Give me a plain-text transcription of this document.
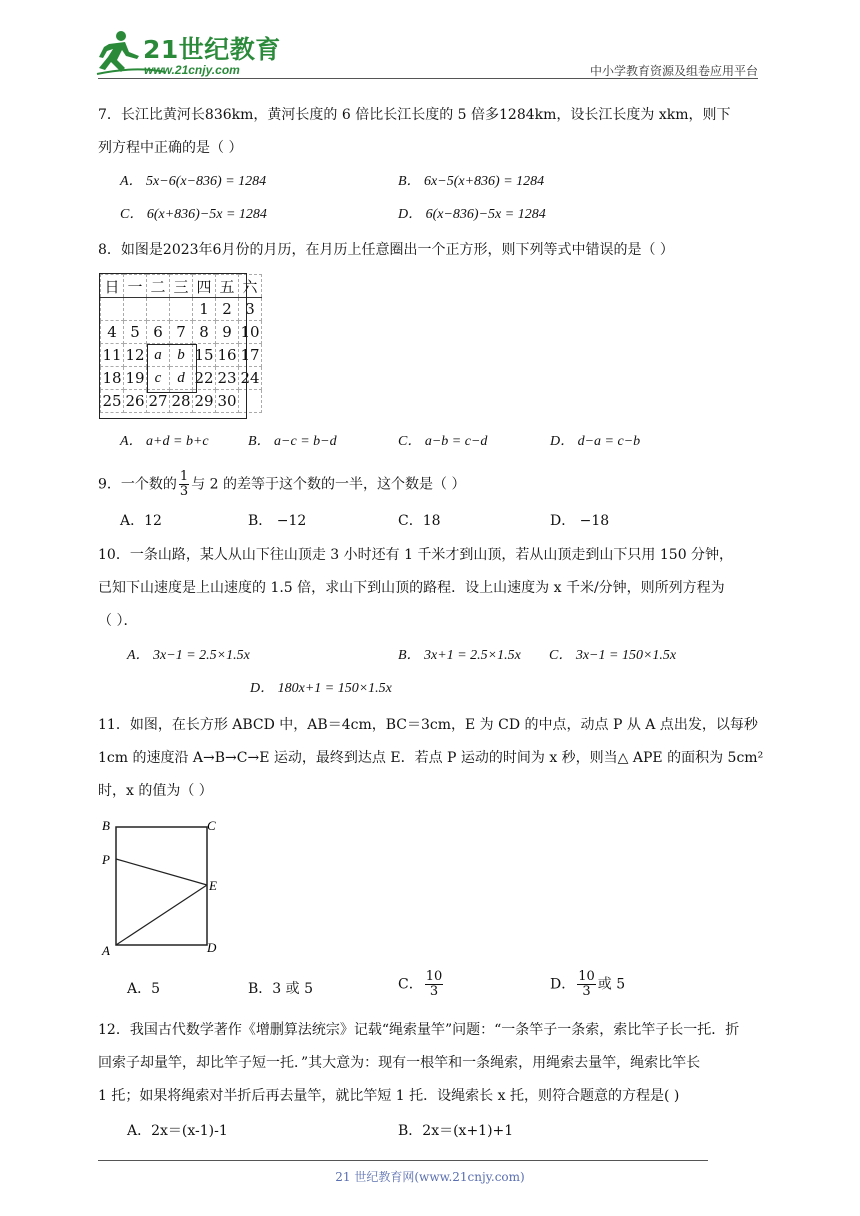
21世纪教育
www.21cnjy.com	中小学教育资源及组卷应用平台
7．长江比黄河长836km，黄河长度的 6 倍比长江长度的 5 倍多1284km，设长江长度为 xkm，则下
列方程中正确的是（ ）
A． 5x−6(x−836) = 1284	B． 6x−5(x+836) = 1284
C． 6(x+836)−5x = 1284	D． 6(x−836)−5x = 1284
8．如图是2023年6月份的月历，在月历上任意圈出一个正方形，则下列等式中错误的是（ ）
日	一	二	三	四	五	六
				1	2	3
4	5	6	7	8	9	10
11	12	a	b	15	16	17
18	19	c	d	22	23	24
25	26	27	28	29	30	
A． a+d = b+c	B． a−c = b−d	C． a−b = c−d	D． d−a = c−b
9．一个数的 $\frac{1}{3}$ 与 2 的差等于这个数的一半，这个数是（ ）
A．12	B． −12	C．18	D． −18
10．一条山路，某人从山下往山顶走 3 小时还有 1 千米才到山顶，若从山顶走到山下只用 150 分钟，
已知下山速度是上山速度的 1.5 倍，求山下到山顶的路程．设上山速度为 x 千米/分钟，则所列方程为
（ ）．
A． 3x−1 = 2.5×1.5x	B． 3x+1 = 2.5×1.5x C． 3x−1 = 150×1.5x
D． 180x+1 = 150×1.5x
11．如图，在长方形 ABCD 中，AB＝4cm，BC＝3cm，E 为 CD 的中点，动点 P 从 A 点出发，以每秒
1cm 的速度沿 A→B→C→E 运动，最终到达点 E．若点 P 运动的时间为 x 秒，则当△ APE 的面积为 5cm²
时，x 的值为（ ）
B	C
P
E
A	D
A．5	B．3 或 5	C． $\frac{10}{3}$	D． $\frac{10}{3}$ 或 5
12．我国古代数学著作《增删算法统宗》记载“绳索量竿”问题：“一条竿子一条索，索比竿子长一托．折
回索子却量竿，却比竿子短一托．”其大意为：现有一根竿和一条绳索，用绳索去量竿，绳索比竿长
1 托；如果将绳索对半折后再去量竿，就比竿短 1 托．设绳索长 x 托，则符合题意的方程是( )
A．2x＝(x-1)-1	B．2x＝(x+1)+1
21 世纪教育网(www.21cnjy.com)
